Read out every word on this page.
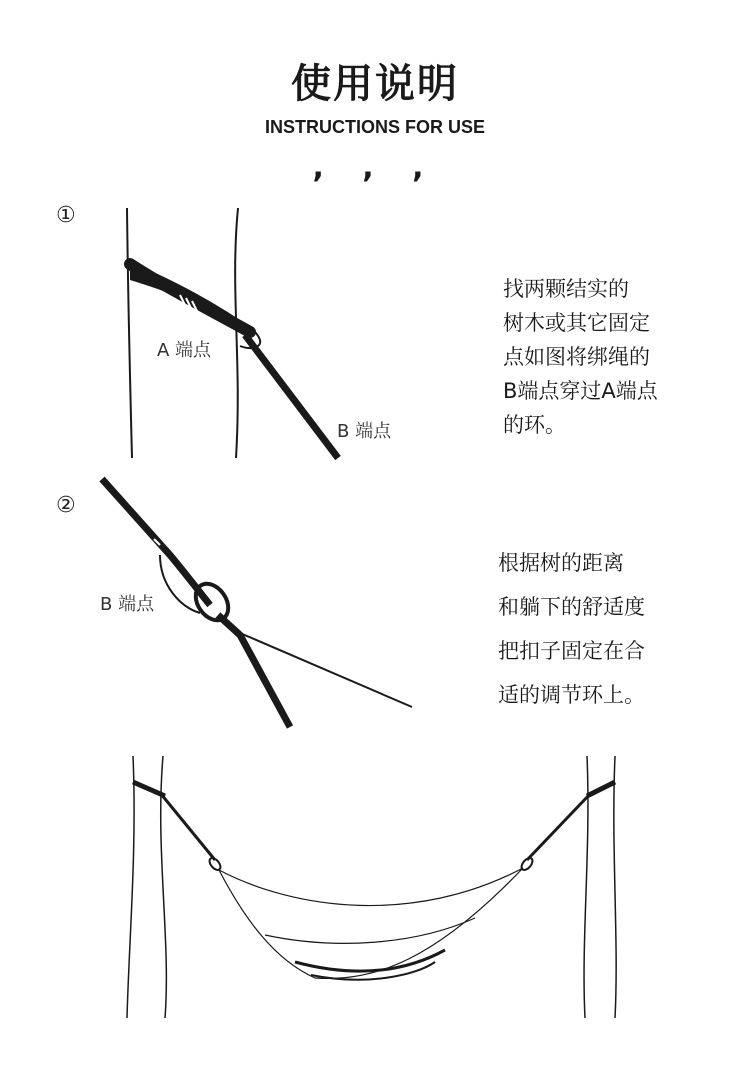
使用说明
INSTRUCTIONS FOR USE
, , ,
①
A 端点
B 端点
找两颗结实的
树木或其它固定
点如图将绑绳的
B端点穿过A端点
的环。
②
B 端点
根据树的距离
和躺下的舒适度
把扣子固定在合
适的调节环上。
